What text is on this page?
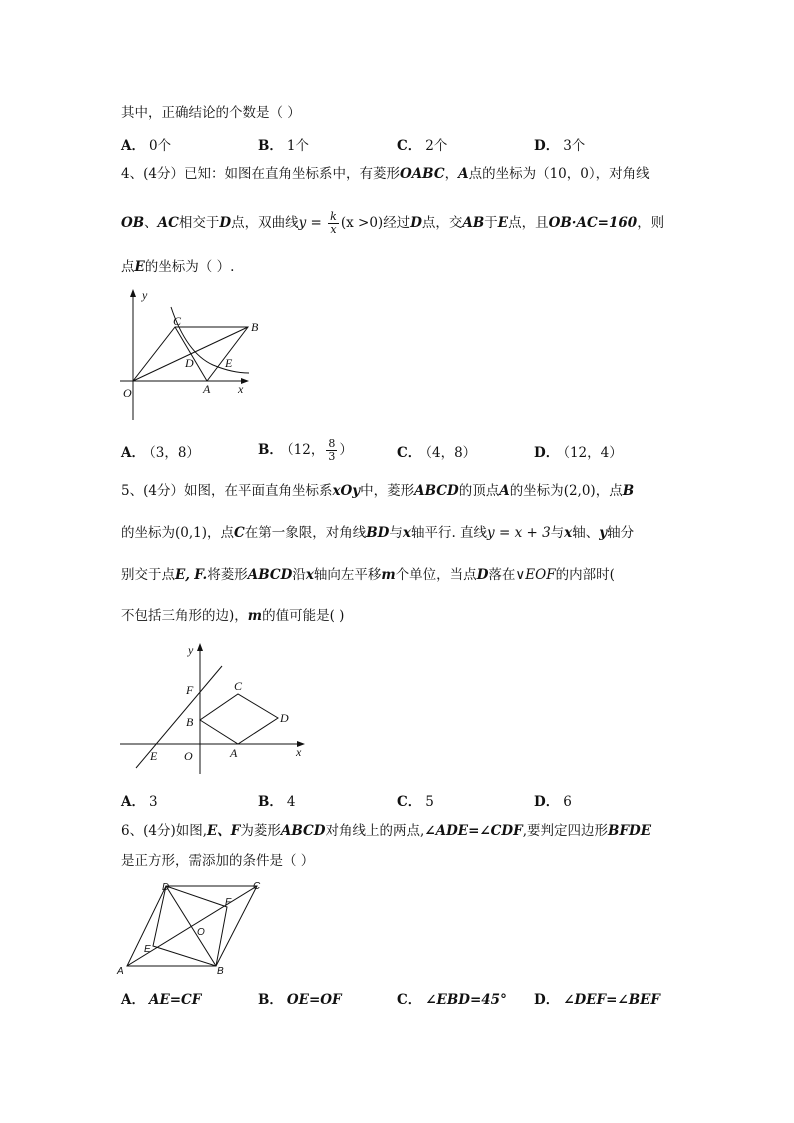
其中，正确结论的个数是（ ）
A． 0个	B． 1个	C． 2个	D． 3个
4、(4分）已知：如图在直角坐标系中，有菱形OABC，A点的坐标为（10，0），对角线
OB、AC相交于D点，双曲线$y = \frac{k}{x} (x >0)$经过D点，交AB于E点，且OB·AC=160，则
点E的坐标为（ ）.
y
x
O	A
B
C
D	E
A． （3，8）	B． （12， $\frac{8}{3}$ ）	C． （4，8）	D． （12，4）
5、(4分）如图，在平面直角坐标系xOy中，菱形ABCD的顶点A的坐标为(2,0)，点B
的坐标为(0,1)，点C在第一象限，对角线BD与x轴平行. 直线y = x + 3与x轴、y轴分
别交于点E, F.将菱形ABCD沿x轴向左平移m个单位，当点D落在∨EOF的内部时(
不包括三角形的边)，m的值可能是( )
y
x
O	A
B
C
D
E
F
A． 3	B． 4	C． 5	D． 6
6、(4分)如图,E、F为菱形ABCD对角线上的两点,∠ADE=∠CDF,要判定四边形BFDE
是正方形，需添加的条件是（ ）
A	B
C
D
E
F
O
A． AE=CF	B． OE=OF	C． ∠EBD=45° D． ∠DEF=∠BEF
